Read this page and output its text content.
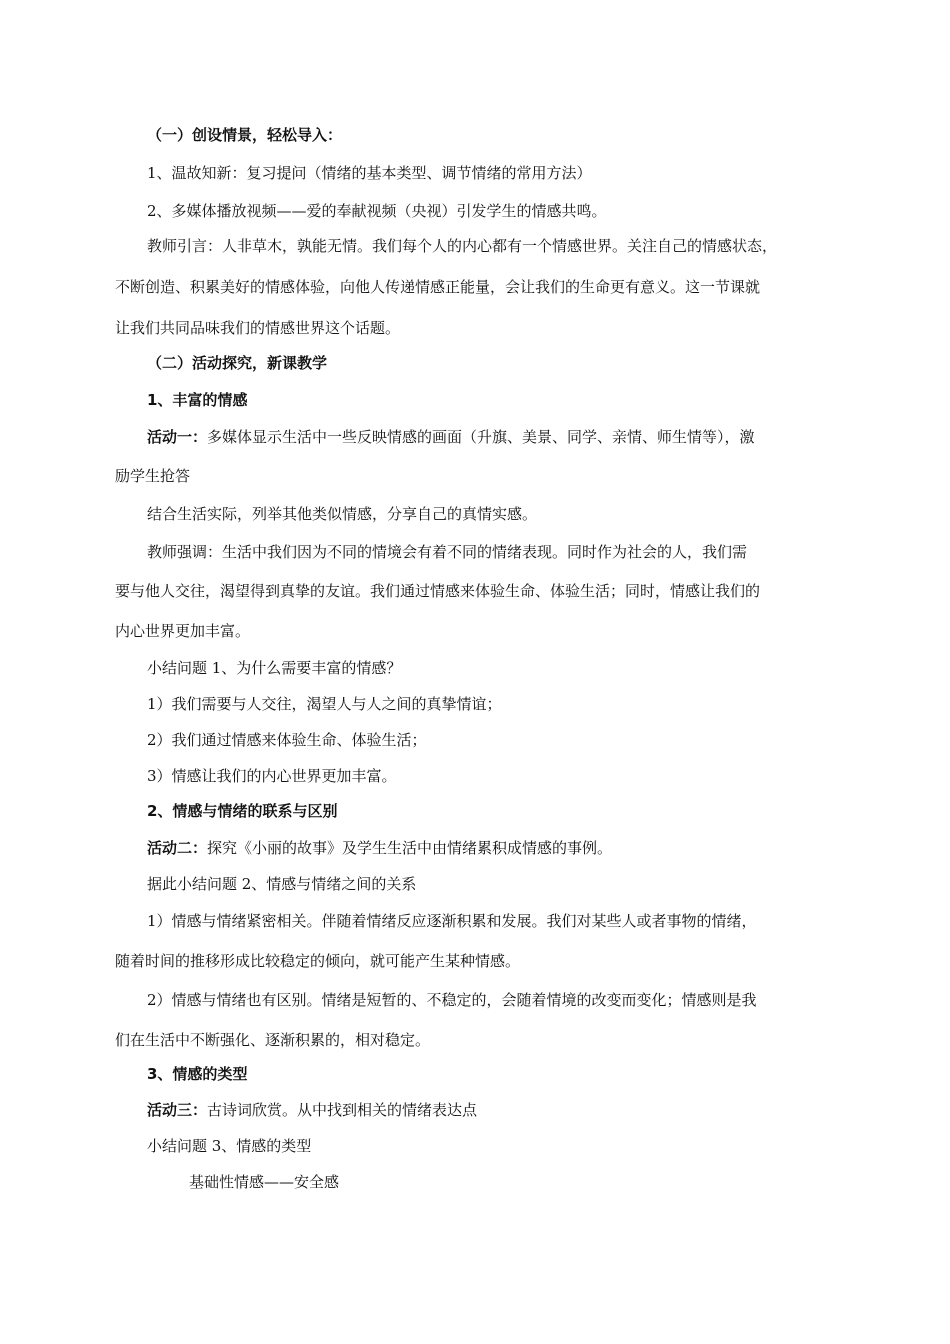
（一）创设情景，轻松导入：
1、温故知新：复习提问（情绪的基本类型、调节情绪的常用方法）
2、多媒体播放视频——爱的奉献视频（央视）引发学生的情感共鸣。
教师引言：人非草木，孰能无情。我们每个人的内心都有一个情感世界。关注自己的情感状态，
不断创造、积累美好的情感体验，向他人传递情感正能量，会让我们的生命更有意义。这一节课就
让我们共同品味我们的情感世界这个话题。
（二）活动探究，新课教学
1、丰富的情感
活动一：多媒体显示生活中一些反映情感的画面（升旗、美景、同学、亲情、师生情等），激
励学生抢答
结合生活实际，列举其他类似情感，分享自己的真情实感。
教师强调：生活中我们因为不同的情境会有着不同的情绪表现。同时作为社会的人，我们需
要与他人交往，渴望得到真挚的友谊。我们通过情感来体验生命、体验生活；同时，情感让我们的
内心世界更加丰富。
小结问题 1、为什么需要丰富的情感？
1）我们需要与人交往，渴望人与人之间的真挚情谊；
2）我们通过情感来体验生命、体验生活；
3）情感让我们的内心世界更加丰富。
2、情感与情绪的联系与区别
活动二：探究《小丽的故事》及学生生活中由情绪累积成情感的事例。
据此小结问题 2、情感与情绪之间的关系
1）情感与情绪紧密相关。伴随着情绪反应逐渐积累和发展。我们对某些人或者事物的情绪，
随着时间的推移形成比较稳定的倾向，就可能产生某种情感。
2）情感与情绪也有区别。情绪是短暂的、不稳定的，会随着情境的改变而变化；情感则是我
们在生活中不断强化、逐渐积累的，相对稳定。
3、情感的类型
活动三：古诗词欣赏。从中找到相关的情绪表达点
小结问题 3、情感的类型
基础性情感——安全感
